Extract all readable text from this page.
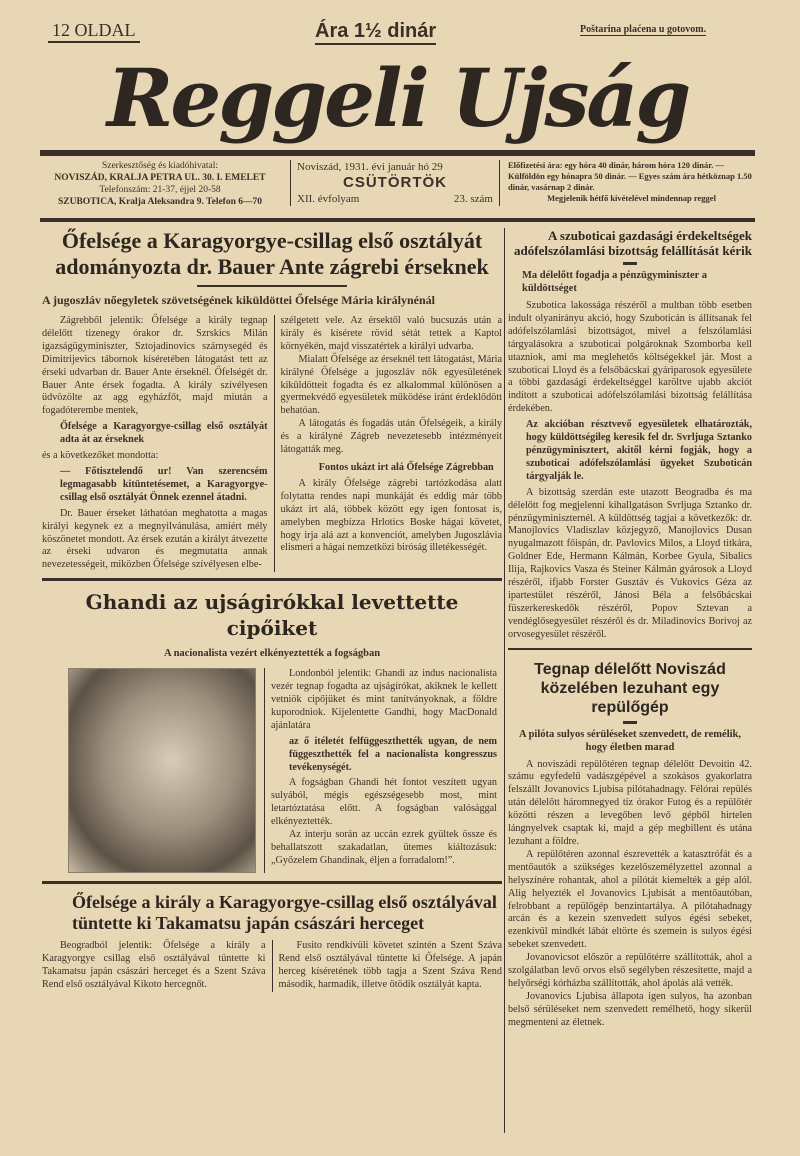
12 OLDAL	Ára 1½ dinár	Poštarina plaćena u gotovom.
Reggeli Ujság
Szerkesztőség és kiadóhivatal:
NOVISZÁD, KRALJA PETRA UL. 30. I. EMELET
Telefonszám: 21-37, éjjel 20-58
SZUBOTICA, Kralja Aleksandra 9. Telefon 6—70
Noviszád, 1931. évi január hó 29
CSÜTÖRTÖK
XII. évfolyam	23. szám
Előfizetési ára: egy hóra 40 dinár, három hóra 120 dinár. — Külföldön egy hónapra 50 dinár. — Egyes szám ára hétköznap 1.50 dinár, vasárnap 2 dinár.
Megjelenik hétfő kivételével mindennap reggel
Őfelsége a Karagyorgye-csillag első osztályát adományozta dr. Bauer Ante zágrebi érseknek
A jugoszláv nőegyletek szövetségének kiküldöttei Őfelsége Mária királynénál

Zágrebből jelentik: Őfelsége a király tegnap délelőtt tizenegy órakor dr. Szrskics Milán igazságügyminiszter, Sztojadinovics szárnysegéd és Dimitrijevics tábornok kíséretében látogatást tett az érseki udvarban dr. Bauer Ante érseknél. Őfelségét dr. Bauer Ante érsek fogadta. A király szívélyesen üdvözölte az agg egyházfőt, majd miután a fogadóterembe mentek,

Őfelsége a Karagyorgye-csillag első osztályát adta át az érseknek

és a következőket mondotta:

— Főtisztelendő ur! Van szerencsém legmagasabb kitüntetésemet, a Karagyorgye-csillag első osztályát Önnek ezennel átadni.

Dr. Bauer érseket láthatóan meghatotta a magas királyi kegynek ez a megnyilvánulása, amiért mély köszönetet mondott. Az érsek ezután a királyt átvezette az érseki udvaron és megmutatta annak nevezetességeit, miközben Őfelsége szívélyesen elbe-

szélgetett vele. Az érsektől való bucsuzás után a király és kísérete rövid sétát tettek a Kaptol környékén, majd visszatértek a királyi udvarba.

Mialatt Őfelsége az érseknél tett látogatást, Mária királyné Őfelsége a jugoszláv nők egyesületének kiküldötteit fogadta és ez alkalommal különösen a gyermekvédő egyesületek működése iránt érdeklődött behatóan.

A látogatás és fogadás után Őfelségeik, a király és a királyné Zágreb nevezetesebb intézményeit látogatták meg.

Fontos ukázt irt alá Őfelsége Zágrebban

A király Őfelsége zágrebi tartózkodása alatt folytatta rendes napi munkáját és eddig már több ukázt irt alá, többek között egy igen fontosat is, amelyben megbízza Hrlotics Boske hágai követet, hogy irja alá azt a konvenciót, amelyben Jugoszlávia elismeri a hágai nemzetközi biróság illetékességét.

Ghandi az ujságirókkal levettette cipőiket
A nacionalista vezért elkényeztették a fogságban

Londonból jelentik: Ghandi az indus nacionalista vezér tegnap fogadta az ujságírókat, akiknek le kellett vetniök cipőjüket és mint tanítványoknak, a földre kuporodniok. Kijelentette Gandhi, hogy MacDonald ajánlatára

az ő itéletét felfüggeszthették ugyan, de nem függeszthették fel a nacionalista kongresszus tevékenységét.

A fogságban Ghandi hét fontot veszített ugyan sulyából, mégis egészségesebb most, mint letartóztatása előtt. A fogságban valósággal elkényeztették.

Az interju során az uccán ezrek gyültek össze és behallatszott szakadatlan, ütemes kiáltozásuk: „Győzelem Ghandinak, éljen a forradalom!”.

Őfelsége a király a Karagyorgye-csillag első osztályával tüntette ki Takamatsu japán császári herceget

Beogradból jelentik: Őfelsége a király a Karagyorgye csillag első osztályával tüntette ki Takamatsu japán császári herceget és a Szent Száva Rend első osztályával Kikoto hercegnőt.

Fusito rendkívüli követet szintén a Szent Száva Rend első osztályával tüntette ki Őfelsége. A japán herceg kíséretének több tagja a Szent Száva Rend második, harmadik, illetve ötödik osztályát kapta.

A szuboticai gazdasági érdekeltségek adófelszólamlási bizottság felállítását kérik
Ma délelőtt fogadja a pénzügyminiszter a küldöttséget

Szubotica lakossága részéről a multban több esetben indult olyanirányu akció, hogy Szuboticán is állítsanak fel adófelszólamlási bizottságot, mivel a felszólamlási tárgyalásokra a szuboticai polgároknak Szomborba kell utazniok, ami ma meglehetős költségekkel jár. Most a szuboticai Lloyd és a felsőbácskai gyáriparosok egyesülete a többi gazdasági érdekeltséggel karöltve ujabb akciót indított a szuboticai adófelszólamlási bizottság felállítása érdekében.

Az akcióban résztvevő egyesületek elhatározták, hogy küldöttségileg keresik fel dr. Svrljuga Sztanko pénzügyminisztert, akitől kérni fogják, hogy a szuboticai adófelszólamlási ügyeket Szuboticán tárgyalják le.

A bizottság szerdán este utazott Beogradba és ma délelőtt fog megjelenni kihallgatáson Svrljuga Sztanko dr. pénzügyminiszternél. A küldöttség tagjai a következők: dr. Manojlovics Vladiszlav közjegyző, Manojlovics Dusan nyugalmazott főispán, dr. Pavlovics Milos, a Lloyd titkára, Goldner Ede, Hermann Kálmán, Korbee Gyula, Sibalics Ilija, Rajkovics Vasza és Steiner Kálmán gyárosok a Lloyd részéről, ifjabb Forster Gusztáv és Vukovics Géza az ipartestület részéről, Jánosi Béla a felsőbácskai füszerkereskedők részéről, Popov Sztevan a vendéglősegyesület részéről és dr. Miladinovics Borivoj az orvosegyesület részéről.

Tegnap délelőtt Noviszád közelében lezuhant egy repülőgép
A pilóta sulyos sérüléseket szenvedett, de remélik, hogy életben marad

A noviszádi repülőtéren tegnap délelőtt Devoitin 42. számu egyfedelű vadászgépével a szokásos gyakorlatra felszállt Jovanovics Ljubisa pilótahadnagy. Félórai repülés után délelőtt háromnegyed tíz órakor Futog és a repülőtér közötti részen a levegőben levő gépből hirtelen lángnyelvek csaptak ki, majd a gép megbillent és utána lezuhant a földre.

A repülőtéren azonnal észrevették a katasztrófát és a mentőautók a szükséges kezelőszemélyzettel azonnal a helyszínére rohantak, ahol a pilótát kiemelték a gép alól. Alig helyezték el Jovanovics Ljubisát a mentőautóban, felrobbant a repülőgép benzintartálya. A pilótahadnagy arcán és a kezein szenvedett sulyos égési sebeket, ezenkívül mindkét lábát eltörte és szemein is sulyos égési sebeket szenvedett.

Jovanovicsot először a repülőtérre szállították, ahol a szolgálatban levő orvos első segélyben részesítette, majd a helyőrségi kórházba szállították, ahol ápolás alá vették.

Jovanovics Ljubisa állapota igen sulyos, ha azonban belső sérüléseket nem szenvedett remélhető, hogy sikerül megmenteni az életnek.
